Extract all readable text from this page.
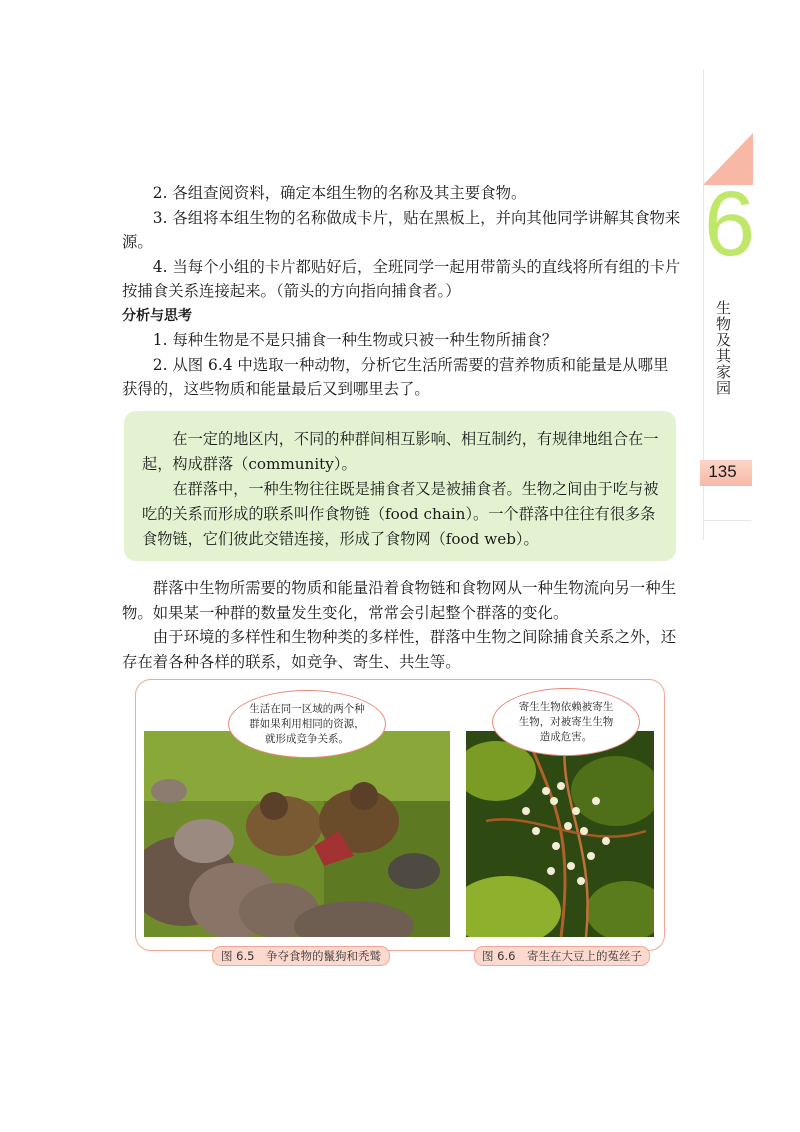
6
生物及其家园
135

2. 各组查阅资料，确定本组生物的名称及其主要食物。

3. 各组将本组生物的名称做成卡片，贴在黑板上，并向其他同学讲解其食物来源。

4. 当每个小组的卡片都贴好后，全班同学一起用带箭头的直线将所有组的卡片按捕食关系连接起来。（箭头的方向指向捕食者。）

分析与思考

1. 每种生物是不是只捕食一种生物或只被一种生物所捕食？

2. 从图 6.4 中选取一种动物，分析它生活所需要的营养物质和能量是从哪里获得的，这些物质和能量最后又到哪里去了。

在一定的地区内，不同的种群间相互影响、相互制约，有规律地组合在一起，构成群落（community）。

在群落中，一种生物往往既是捕食者又是被捕食者。生物之间由于吃与被吃的关系而形成的联系叫作食物链（food chain）。一个群落中往往有很多条食物链，它们彼此交错连接，形成了食物网（food web）。

群落中生物所需要的物质和能量沿着食物链和食物网从一种生物流向另一种生物。如果某一种群的数量发生变化，常常会引起整个群落的变化。

由于环境的多样性和生物种类的多样性，群落中生物之间除捕食关系之外，还存在着各种各样的联系，如竞争、寄生、共生等。

生活在同一区域的两个种群如果利用相同的资源，就形成竞争关系。
寄生生物依赖被寄生生物，对被寄生生物造成危害。
图 6.5　争夺食物的鬣狗和秃鹫	图 6.6　寄生在大豆上的菟丝子
